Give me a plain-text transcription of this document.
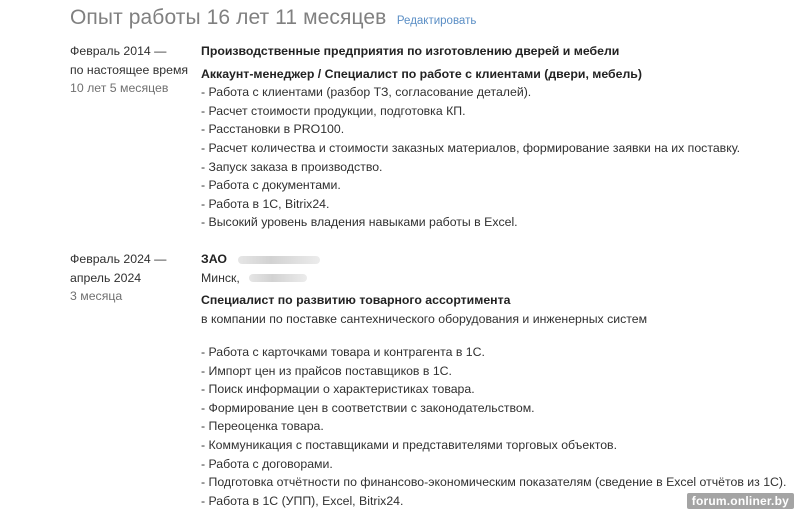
Опыт работы 16 лет 11 месяцев Редактировать
Февраль 2014 —
по настоящее время
10 лет 5 месяцев
Производственные предприятия по изготовлению дверей и мебели
Аккаунт-менеджер / Специалист по работе с клиентами (двери, мебель)
- Работа с клиентами (разбор ТЗ, согласование деталей).
- Расчет стоимости продукции, подготовка КП.
- Расстановки в PRO100.
- Расчет количества и стоимости заказных материалов, формирование заявки на их поставку.
- Запуск заказа в производство.
- Работа с документами.
- Работа в 1С, Bitrix24.
- Высокий уровень владения навыками работы в Excel.
Февраль 2024 —
апрель 2024
3 месяца
ЗАО
Минск,
Специалист по развитию товарного ассортимента
в компании по поставке сантехнического оборудования и инженерных систем
- Работа с карточками товара и контрагента в 1С.
- Импорт цен из прайсов поставщиков в 1С.
- Поиск информации о характеристиках товара.
- Формирование цен в соответствии с законодательством.
- Переоценка товара.
- Коммуникация с поставщиками и представителями торговых объектов.
- Работа с договорами.
- Подготовка отчётности по финансово-экономическим показателям (сведение в Excel отчётов из 1С).
- Работа в 1С (УПП), Excel, Bitrix24.	forum.onliner.by
